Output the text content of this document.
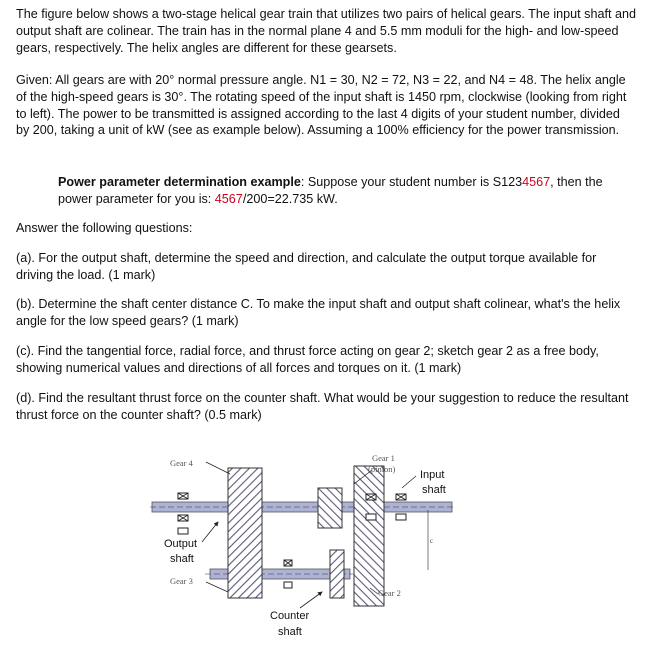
The figure below shows a two-stage helical gear train that utilizes two pairs of helical gears. The input shaft and output shaft are colinear. The train has in the normal plane 4 and 5.5 mm moduli for the high- and low-speed gears, respectively. The helix angles are different for these gearsets.
Given: All gears are with 20° normal pressure angle. N1 = 30, N2 = 72, N3 = 22, and N4 = 48. The helix angle of the high-speed gears is 30°. The rotating speed of the input shaft is 1450 rpm, clockwise (looking from right to left). The power to be transmitted is assigned according to the last 4 digits of your student number, divided by 200, taking a unit of kW (see as example below). Assuming a 100% efficiency for the power transmission.
Power parameter determination example: Suppose your student number is S1234567, then the power parameter for you is: 4567/200=22.735 kW.
Answer the following questions:
(a). For the output shaft, determine the speed and direction, and calculate the output torque available for driving the load. (1 mark)
(b). Determine the shaft center distance C. To make the input shaft and output shaft colinear, what's the helix angle for the low speed gears? (1 mark)
(c). Find the tangential force, radial force, and thrust force acting on gear 2; sketch gear 2 as a free body, showing numerical values and directions of all forces and torques on it. (1 mark)
(d). Find the resultant thrust force on the counter shaft. What would be your suggestion to reduce the resultant thrust force on the counter shaft? (0.5 mark)
c
Gear 4	Gear 1
(pinion) Input
shaft
Output
shaft
Gear 3
Gear 2
Counter
shaft
